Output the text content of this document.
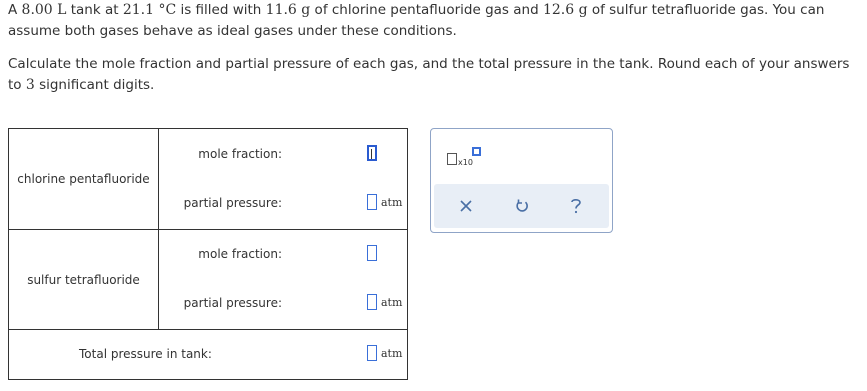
A 8.00 L tank at 21.1 °C is filled with 11.6 g of chlorine pentafluoride gas and 12.6 g of sulfur tetrafluoride gas. You can assume both gases behave as ideal gases under these conditions.

Calculate the mole fraction and partial pressure of each gas, and the total pressure in the tank. Round each of your answers to 3 significant digits.

chlorine pentafluoride
mole fraction:
partial pressure:	atm
sulfur tetrafluoride
mole fraction:
partial pressure:	atm
Total pressure in tank:	atm
x10
